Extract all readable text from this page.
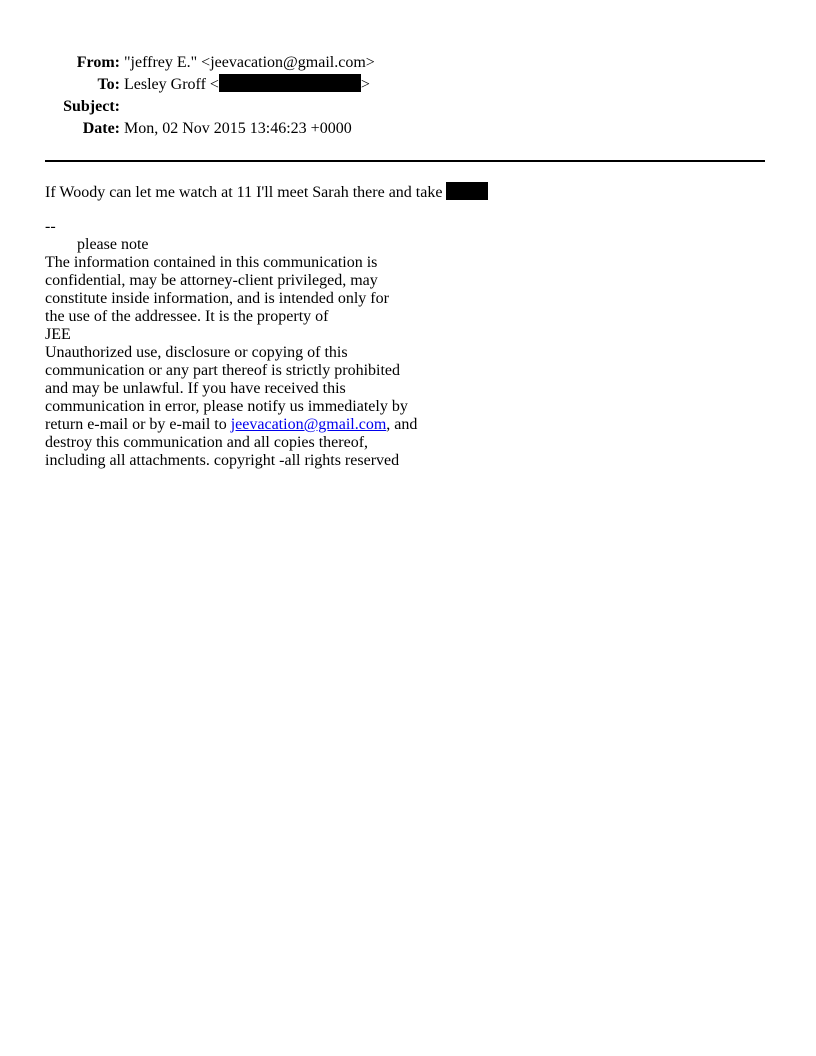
From:	"jeffrey E." <jeevacation@gmail.com>
To:	Lesley Groff < >
Subject:	
Date:	Mon, 02 Nov 2015 13:46:23 +0000
If Woody can let me watch at 11 I'll meet Sarah there and take
--
please note
The information contained in this communication is
confidential, may be attorney-client privileged, may
constitute inside information, and is intended only for
the use of the addressee. It is the property of
JEE
Unauthorized use, disclosure or copying of this
communication or any part thereof is strictly prohibited
and may be unlawful. If you have received this
communication in error, please notify us immediately by
return e-mail or by e-mail to jeevacation@gmail.com, and
destroy this communication and all copies thereof,
including all attachments. copyright -all rights reserved
